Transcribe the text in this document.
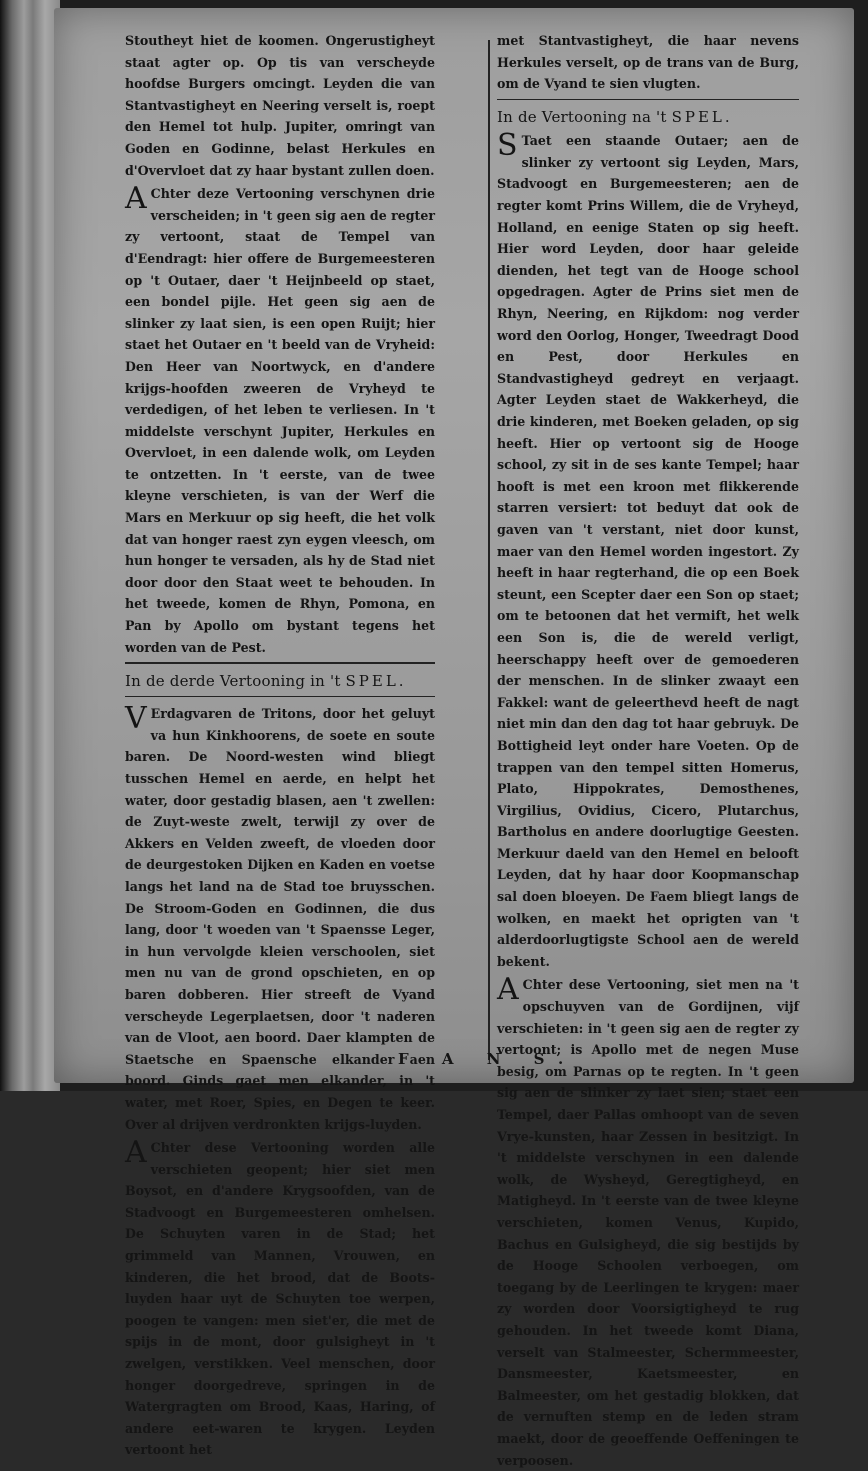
Stoutheyt hiet de koomen. Ongerustigheyt staat agter op. Op tis van verscheyde hoofdse Burgers omcingt. Leyden die van Stantvastigheyt en Neering verselt is, roept den Hemel tot hulp. Jupiter, omringt van Goden en Godinne, belast Herkules en d'Overvloet dat zy haar bystant zullen doen.

A Chter deze Vertooning verschynen drie verscheiden; in 't geen sig aen de regter zy vertoont, staat de Tempel van d'Eendragt: hier offere de Burgemeesteren op 't Outaer, daer 't Heijnbeeld op staet, een bondel pijle. Het geen sig aen de slinker zy laat sien, is een open Ruijt; hier staet het Outaer en 't beeld van de Vryheid: Den Heer van Noortwyck, en d'andere krijgs-hoofden zweeren de Vryheyd te verdedigen, of het leben te verliesen. In 't middelste verschynt Jupiter, Herkules en Overvloet, in een dalende wolk, om Leyden te ontzetten. In 't eerste, van de twee kleyne verschieten, is van der Werf die Mars en Merkuur op sig heeft, die het volk dat van honger raest zyn eygen vleesch, om hun honger te versaden, als hy de Stad niet door door den Staat weet te behouden. In het tweede, komen de Rhyn, Pomona, en Pan by Apollo om bystant tegens het worden van de Pest.

In de derde Vertooning in 't SPEL.

V Erdagvaren de Tritons, door het geluyt va hun Kinkhoorens, de soete en soute baren. De Noord-westen wind bliegt tusschen Hemel en aerde, en helpt het water, door gestadig blasen, aen 't zwellen: de Zuyt-weste zwelt, terwijl zy over de Akkers en Velden zweeft, de vloeden door de deurgestoken Dijken en Kaden en voetse langs het land na de Stad toe bruysschen. De Stroom-Goden en Godinnen, die dus lang, door 't woeden van 't Spaensse Leger, in hun vervolgde kleien verschoolen, siet men nu van de grond opschieten, en op baren dobberen. Hier streeft de Vyand verscheyde Legerplaetsen, door 't naderen van de Vloot, aen boord. Daer klampten de Staetsche en Spaensche elkander aen boord. Ginds gaet men elkander, in 't water, met Roer, Spies, en Degen te keer. Over al drijven verdronkten krijgs-luyden.

A Chter dese Vertooning worden alle verschieten geopent; hier siet men Boysot, en d'andere Krygsoofden, van de Stadvoogt en Burgemeesteren omhelsen. De Schuyten varen in de Stad; het grimmeld van Mannen, Vrouwen, en kinderen, die het brood, dat de Boots-luyden haar uyt de Schuyten toe werpen, poogen te vangen: men siet'er, die met de spijs in de mont, door gulsigheyt in 't zwelgen, verstikken. Veel menschen, door honger doorgedreve, springen in de Watergragten om Brood, Kaas, Haring, of andere eet-waren te krygen. Leyden vertoont het

met Stantvastigheyt, die haar nevens Herkules verselt, op de trans van de Burg, om de Vyand te sien vlugten.

In de Vertooning na 't SPEL.

S Taet een staande Outaer; aen de slinker zy vertoont sig Leyden, Mars, Stadvoogt en Burgemeesteren; aen de regter komt Prins Willem, die de Vryheyd, Holland, en eenige Staten op sig heeft. Hier word Leyden, door haar geleide dienden, het tegt van de Hooge school opgedragen. Agter de Prins siet men de Rhyn, Neering, en Rijkdom: nog verder word den Oorlog, Honger, Tweedragt Dood en Pest, door Herkules en Standvastigheyd gedreyt en verjaagt. Agter Leyden staet de Wakkerheyd, die drie kinderen, met Boeken geladen, op sig heeft. Hier op vertoont sig de Hooge school, zy sit in de ses kante Tempel; haar hooft is met een kroon met flikkerende starren versiert: tot beduyt dat ook de gaven van 't verstant, niet door kunst, maer van den Hemel worden ingestort. Zy heeft in haar regterhand, die op een Boek steunt, een Scepter daer een Son op staet; om te betoonen dat het vermift, het welk een Son is, die de wereld verligt, heerschappy heeft over de gemoederen der menschen. In de slinker zwaayt een Fakkel: want de geleerthevd heeft de nagt niet min dan den dag tot haar gebruyk. De Bottigheid leyt onder hare Voeten. Op de trappen van den tempel sitten Homerus, Plato, Hippokrates, Demosthenes, Virgilius, Ovidius, Cicero, Plutarchus, Bartholus en andere doorlugtige Geesten. Merkuur daeld van den Hemel en belooft Leyden, dat hy haar door Koopmanschap sal doen bloeyen. De Faem bliegt langs de wolken, en maekt het oprigten van 't alderdoorlugtigste School aen de wereld bekent.

A Chter dese Vertooning, siet men na 't opschuyven van de Gordijnen, vijf verschieten: in 't geen sig aen de regter zy vertoont; is Apollo met de negen Muse besig, om Parnas op te regten. In 't geen sig aen de slinker zy laet sien; staet een Tempel, daer Pallas omhoopt van de seven Vrye-kunsten, haar Zessen in besitzigt. In 't middelste verschynen in een dalende wolk, de Wysheyd, Geregtigheyd, en Matigheyd. In 't eerste van de twee kleyne verschieten, komen Venus, Kupido, Bachus en Gulsigheyd, die sig bestijds by de Hooge Schoolen verboegen, om toegang by de Leerlingen te krygen: maer zy worden door Voorsigtigheyd te rug gehouden. In het tweede komt Diana, verselt van Stalmeester, Schermmeester, Dansmeester, Kaetsmeester, en Balmeester, om het gestadig blokken, dat de vernuften stemp en de leden stram maekt, door de geoeffende Oeffeningen te verpoosen.

F A N S.
